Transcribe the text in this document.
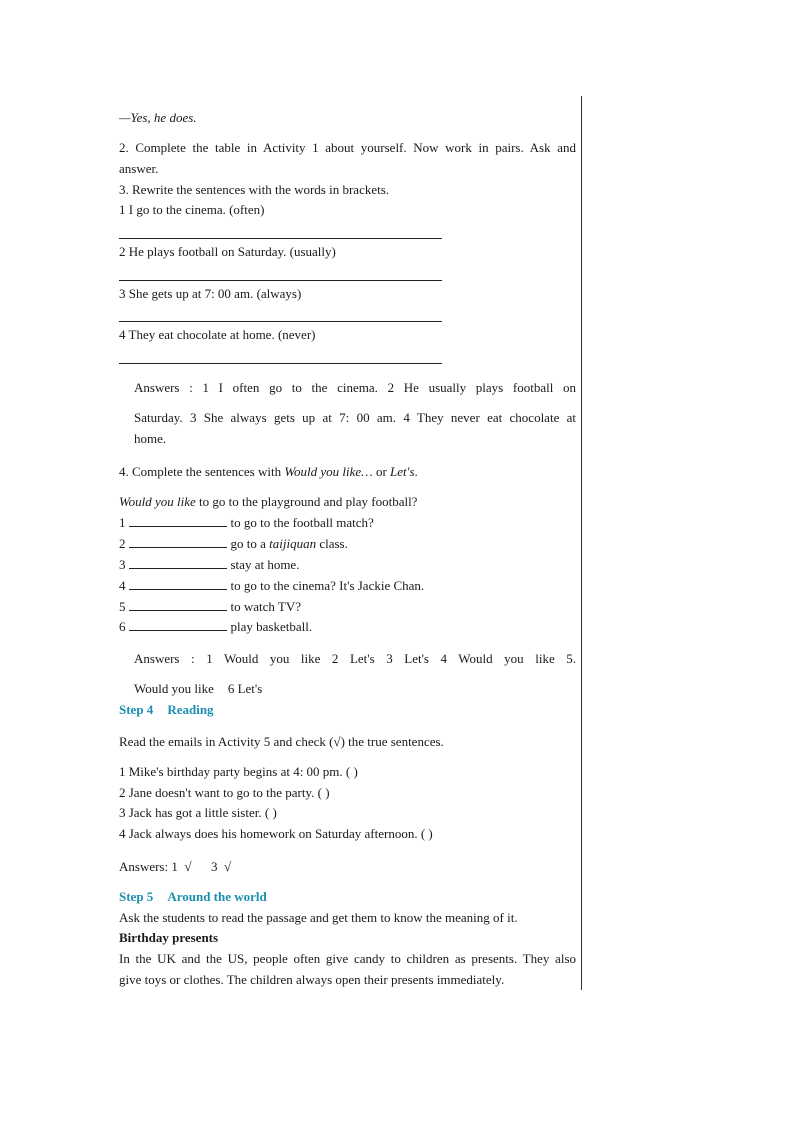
—Yes, he does.
2. Complete the table in Activity 1 about yourself. Now work in pairs. Ask and
answer.
3. Rewrite the sentences with the words in brackets.
1 I go to the cinema. (often)
2 He plays football on Saturday. (usually)
3 She gets up at 7: 00 am. (always)
4 They eat chocolate at home. (never)
Answers : 1 I often go to the cinema. 2 He usually plays football on
Saturday. 3 She always gets up at 7: 00 am. 4 They never eat chocolate at
home.
4. Complete the sentences with Would you like… or Let's.
Would you like to go to the playground and play football?
1	to go to the football match?
2	go to a taijiquan class.
3	stay at home.
4	to go to the cinema? It's Jackie Chan.
5	to watch TV?
6	play basketball.
Answers : 1 Would you like 2 Let's 3 Let's 4 Would you like 5.
Would you like 6 Let's
Step 4 Reading
Read the emails in Activity 5 and check (√) the true sentences.
1 Mike's birthday party begins at 4: 00 pm. ( )
2 Jane doesn't want to go to the party. ( )
3 Jack has got a little sister. ( )
4 Jack always does his homework on Saturday afternoon. ( )
Answers: 1  √      3  √
Step 5 Around the world
Ask the students to read the passage and get them to know the meaning of it.
Birthday presents
In the UK and the US, people often give candy to children as presents. They also
give toys or clothes. The children always open their presents immediately.
